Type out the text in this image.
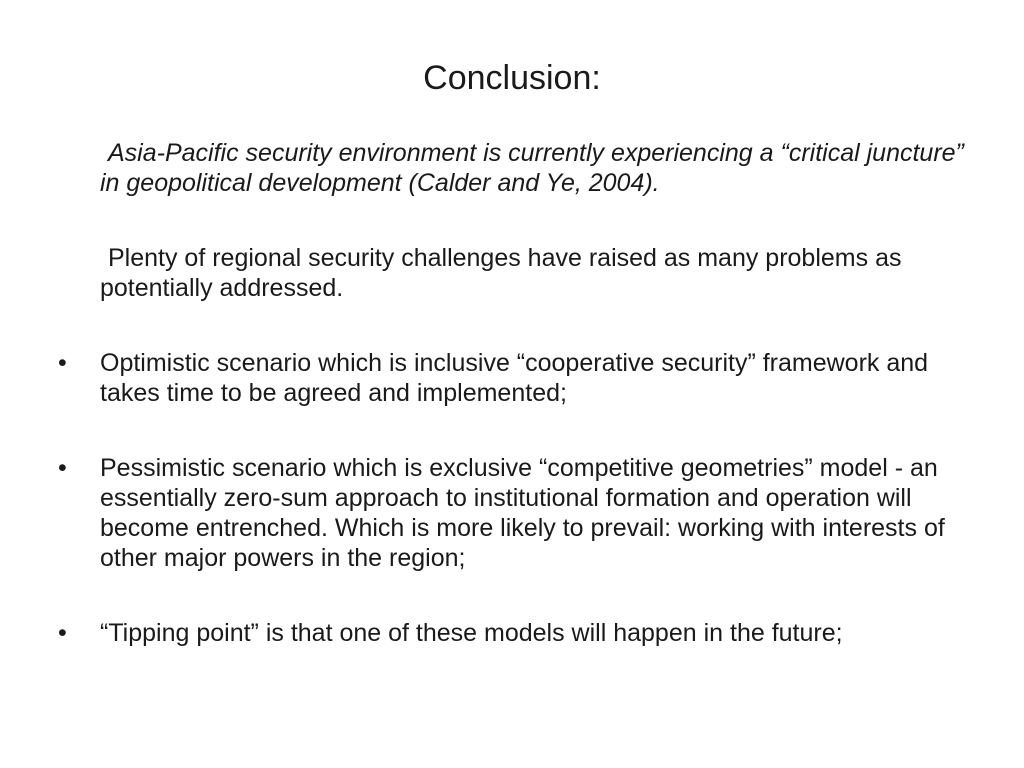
Conclusion:
Asia-Pacific security environment is currently experiencing a “critical juncture” in geopolitical development (Calder and Ye, 2004).
Plenty of regional security challenges have raised as many problems as potentially addressed.
• Optimistic scenario which is inclusive “cooperative security” framework and takes time to be agreed and implemented;
• Pessimistic scenario which is exclusive “competitive geometries” model - an essentially zero-sum approach to institutional formation and operation will become entrenched. Which is more likely to prevail: working with interests of other major powers in the region;
• “Tipping point” is that one of these models will happen in the future;
